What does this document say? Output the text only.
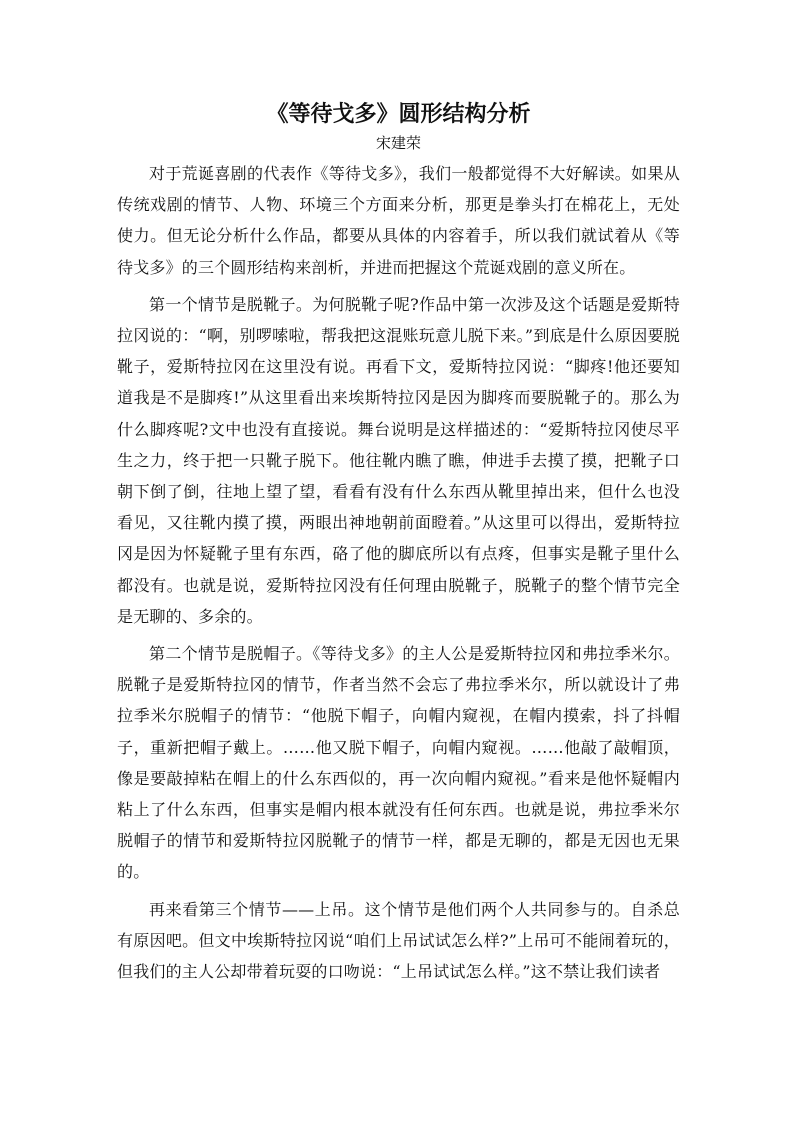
《等待戈多》圆形结构分析
宋建荣

对于荒诞喜剧的代表作《等待戈多》，我们一般都觉得不大好解读。如果从传统戏剧的情节、人物、环境三个方面来分析，那更是拳头打在棉花上，无处使力。但无论分析什么作品，都要从具体的内容着手，所以我们就试着从《等待戈多》的三个圆形结构来剖析，并进而把握这个荒诞戏剧的意义所在。

第一个情节是脱靴子。为何脱靴子呢?作品中第一次涉及这个话题是爱斯特拉冈说的：“啊，别啰嗦啦，帮我把这混账玩意儿脱下来。”到底是什么原因要脱靴子，爱斯特拉冈在这里没有说。再看下文，爱斯特拉冈说：“脚疼!他还要知道我是不是脚疼!”从这里看出来埃斯特拉冈是因为脚疼而要脱靴子的。那么为什么脚疼呢?文中也没有直接说。舞台说明是这样描述的：“爱斯特拉冈使尽平生之力，终于把一只靴子脱下。他往靴内瞧了瞧，伸进手去摸了摸，把靴子口朝下倒了倒，往地上望了望，看看有没有什么东西从靴里掉出来，但什么也没看见，又往靴内摸了摸，两眼出神地朝前面瞪着。”从这里可以得出，爱斯特拉冈是因为怀疑靴子里有东西，硌了他的脚底所以有点疼，但事实是靴子里什么都没有。也就是说，爱斯特拉冈没有任何理由脱靴子，脱靴子的整个情节完全是无聊的、多余的。

第二个情节是脱帽子。《等待戈多》的主人公是爱斯特拉冈和弗拉季米尔。脱靴子是爱斯特拉冈的情节，作者当然不会忘了弗拉季米尔，所以就设计了弗拉季米尔脱帽子的情节：“他脱下帽子，向帽内窥视，在帽内摸索，抖了抖帽子，重新把帽子戴上。……他又脱下帽子，向帽内窥视。……他敲了敲帽顶，像是要敲掉粘在帽上的什么东西似的，再一次向帽内窥视。”看来是他怀疑帽内粘上了什么东西，但事实是帽内根本就没有任何东西。也就是说，弗拉季米尔脱帽子的情节和爱斯特拉冈脱靴子的情节一样，都是无聊的，都是无因也无果的。

再来看第三个情节——上吊。这个情节是他们两个人共同参与的。自杀总有原因吧。但文中埃斯特拉冈说“咱们上吊试试怎么样?”上吊可不能闹着玩的，但我们的主人公却带着玩耍的口吻说：“上吊试试怎么样。”这不禁让我们读者
